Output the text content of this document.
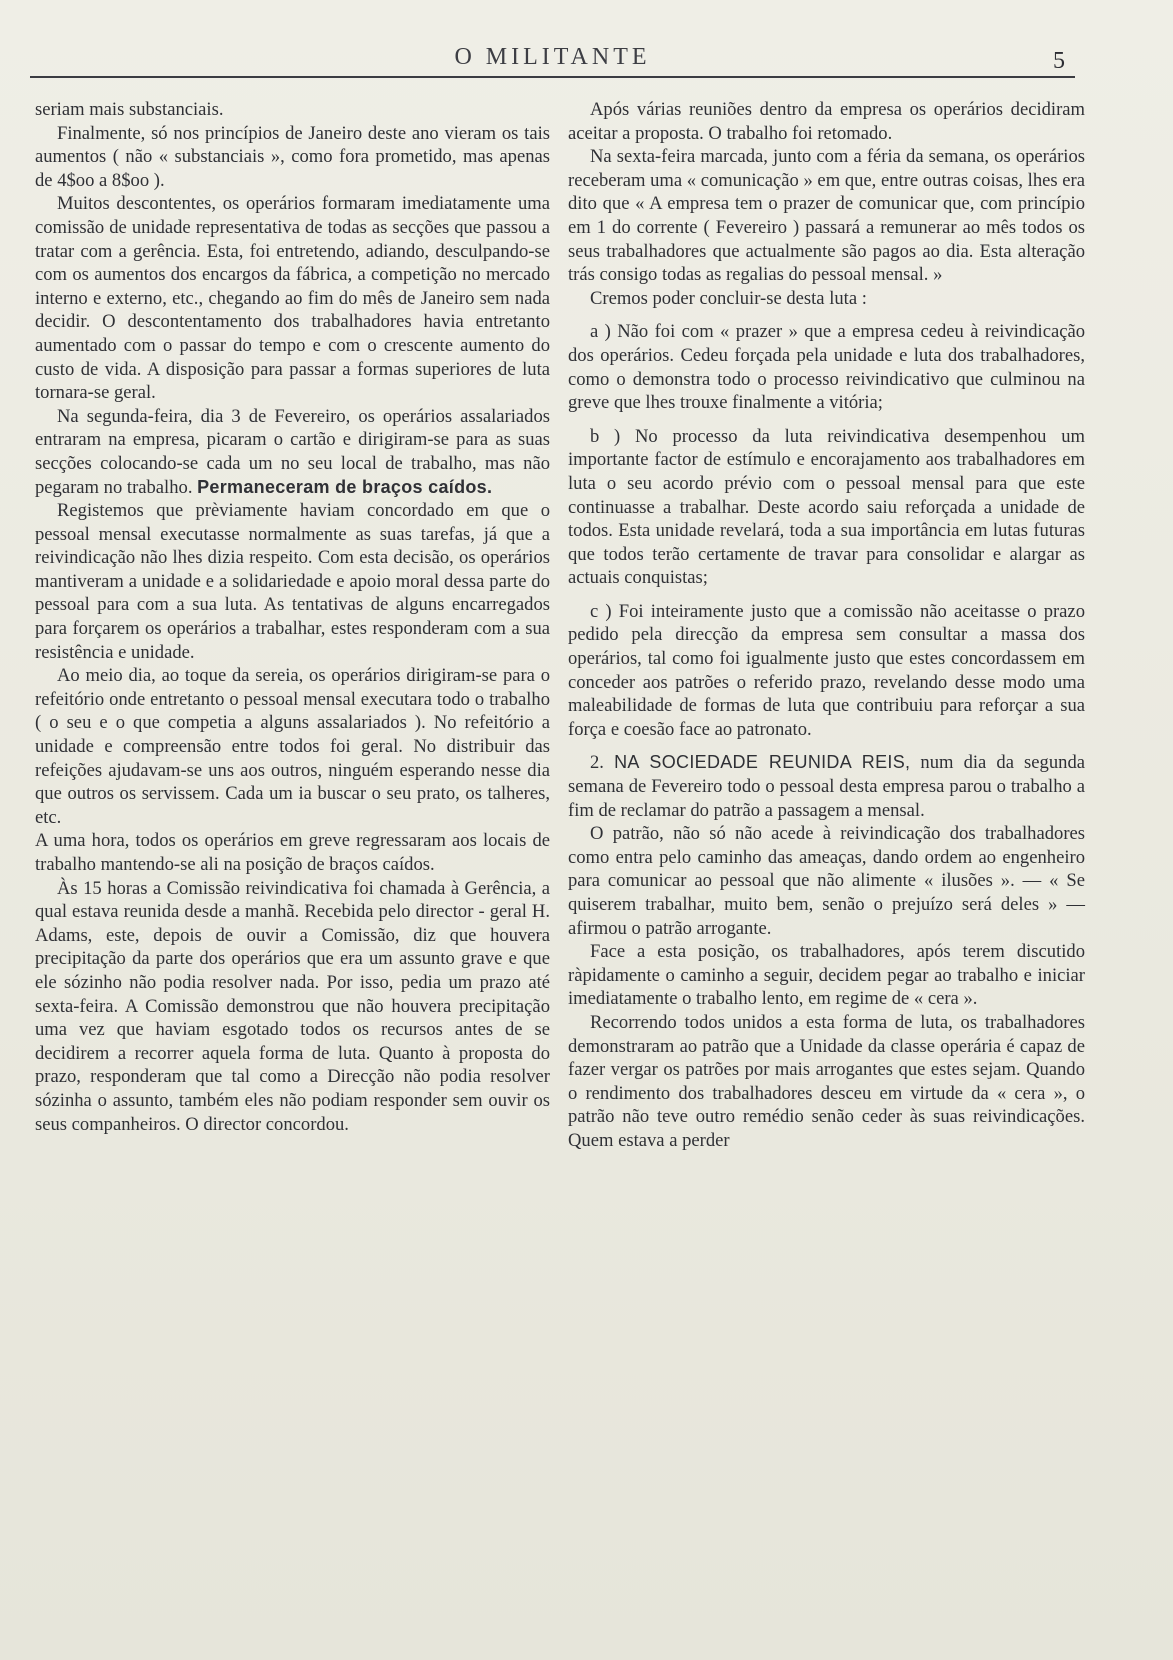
O MILITANTE	5

seriam mais substanciais.

Finalmente, só nos princípios de Janeiro deste ano vieram os tais aumentos ( não « substanciais », como fora prometido, mas apenas de 4$oo a 8$oo ).

Muitos descontentes, os operários formaram imediatamente uma comissão de unidade representativa de todas as secções que passou a tratar com a gerência. Esta, foi entretendo, adiando, desculpando-se com os aumentos dos encargos da fábrica, a competição no mercado interno e externo, etc., chegando ao fim do mês de Janeiro sem nada decidir. O descontentamento dos trabalhadores havia entretanto aumentado com o passar do tempo e com o crescente aumento do custo de vida. A disposição para passar a formas superiores de luta tornara-se geral.

Na segunda-feira, dia 3 de Fevereiro, os operários assalariados entraram na empresa, picaram o cartão e dirigiram-se para as suas secções colocando-se cada um no seu local de trabalho, mas não pegaram no trabalho. Permaneceram de braços caídos.

Registemos que prèviamente haviam concordado em que o pessoal mensal executasse normalmente as suas tarefas, já que a reivindicação não lhes dizia respeito. Com esta decisão, os operários mantiveram a unidade e a solidariedade e apoio moral dessa parte do pessoal para com a sua luta. As tentativas de alguns encarregados para forçarem os operários a trabalhar, estes responderam com a sua resistência e unidade.

Ao meio dia, ao toque da sereia, os operários dirigiram-se para o refeitório onde entretanto o pessoal mensal executara todo o trabalho ( o seu e o que competia a alguns assalariados ). No refeitório a unidade e compreensão entre todos foi geral. No distribuir das refeições ajudavam-se uns aos outros, ninguém esperando nesse dia que outros os servissem. Cada um ia buscar o seu prato, os talheres, etc.

A uma hora, todos os operários em greve regressaram aos locais de trabalho mantendo-se ali na posição de braços caídos.

Às 15 horas a Comissão reivindicativa foi chamada à Gerência, a qual estava reunida desde a manhã. Recebida pelo director - geral H. Adams, este, depois de ouvir a Comissão, diz que houvera precipitação da parte dos operários que era um assunto grave e que ele sózinho não podia resolver nada. Por isso, pedia um prazo até sexta-feira. A Comissão demonstrou que não houvera precipitação uma vez que haviam esgotado todos os recursos antes de se decidirem a recorrer aquela forma de luta. Quanto à proposta do prazo, responderam que tal como a Direcção não podia resolver sózinha o assunto, também eles não podiam responder sem ouvir os seus companheiros. O director concordou.

Após várias reuniões dentro da empresa os operários decidiram aceitar a proposta. O trabalho foi retomado.

Na sexta-feira marcada, junto com a féria da semana, os operários receberam uma « comunicação » em que, entre outras coisas, lhes era dito que « A empresa tem o prazer de comunicar que, com princípio em 1 do corrente ( Fevereiro ) passará a remunerar ao mês todos os seus trabalhadores que actualmente são pagos ao dia. Esta alteração trás consigo todas as regalias do pessoal mensal. »

Cremos poder concluir-se desta luta :

a ) Não foi com « prazer » que a empresa cedeu à reivindicação dos operários. Cedeu forçada pela unidade e luta dos trabalhadores, como o demonstra todo o processo reivindicativo que culminou na greve que lhes trouxe finalmente a vitória;

b ) No processo da luta reivindicativa desempenhou um importante factor de estímulo e encorajamento aos trabalhadores em luta o seu acordo prévio com o pessoal mensal para que este continuasse a trabalhar. Deste acordo saiu reforçada a unidade de todos. Esta unidade revelará, toda a sua importância em lutas futuras que todos terão certamente de travar para consolidar e alargar as actuais conquistas;

c ) Foi inteiramente justo que a comissão não aceitasse o prazo pedido pela direcção da empresa sem consultar a massa dos operários, tal como foi igualmente justo que estes concordassem em conceder aos patrões o referido prazo, revelando desse modo uma maleabilidade de formas de luta que contribuiu para reforçar a sua força e coesão face ao patronato.

2. NA SOCIEDADE REUNIDA REIS, num dia da segunda semana de Fevereiro todo o pessoal desta empresa parou o trabalho a fim de reclamar do patrão a passagem a mensal.

O patrão, não só não acede à reivindicação dos trabalhadores como entra pelo caminho das ameaças, dando ordem ao engenheiro para comunicar ao pessoal que não alimente « ilusões ». — « Se quiserem trabalhar, muito bem, senão o prejuízo será deles » — afirmou o patrão arrogante.

Face a esta posição, os trabalhadores, após terem discutido ràpidamente o caminho a seguir, decidem pegar ao trabalho e iniciar imediatamente o trabalho lento, em regime de « cera ».

Recorrendo todos unidos a esta forma de luta, os trabalhadores demonstraram ao patrão que a Unidade da classe operária é capaz de fazer vergar os patrões por mais arrogantes que estes sejam. Quando o rendimento dos trabalhadores desceu em virtude da « cera », o patrão não teve outro remédio senão ceder às suas reivindicações. Quem estava a perder
